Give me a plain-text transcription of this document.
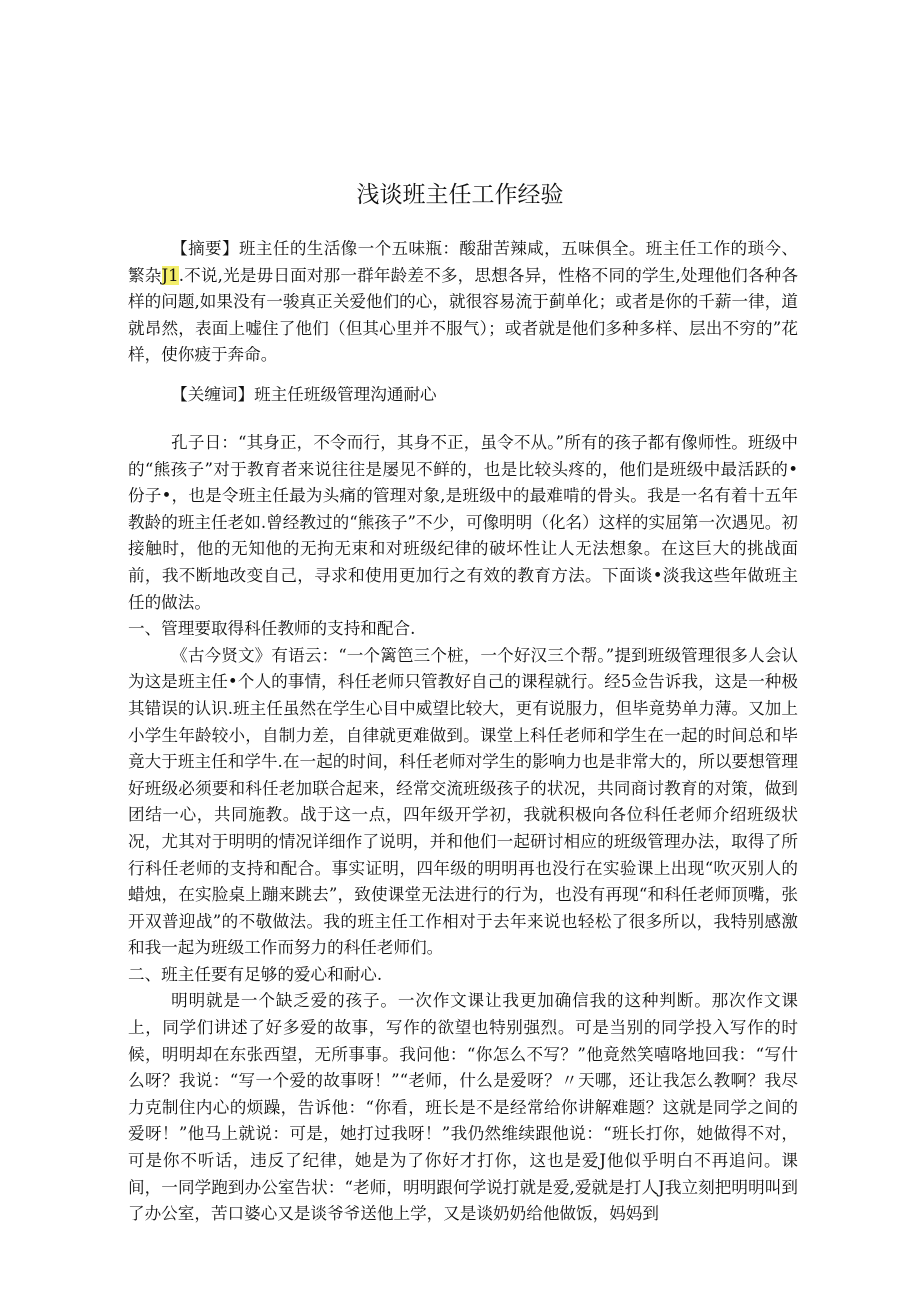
浅谈班主任工作经验

【摘要】班主任的生活像一个五味瓶：酸甜苦辣咸，五味俱全。班主任工作的琐今、繁杂J1.不说,光是毋日面对那一群年龄差不多，思想各异，性格不同的学生,处理他们各种各样的问题,如果没有一骏真正关爱他们的心，就很容易流于蓟单化；或者是你的千薪一律，道就昂然，表面上嘘住了他们（但其心里并不服气）；或者就是他们多种多样、层出不穷的”花样，使你疲于奔命。

【关缠词】班主任班级管理沟通耐心

孔子日：“其身正，不令而行，其身不正，虽令不从。”所有的孩子都有像师性。班级中的“熊孩子”对于教育者来说往往是屡见不鲜的，也是比较头疼的，他们是班级中最活跃的•份子•，也是令班主任最为头痛的管理对象,是班级中的最难啃的骨头。我是一名有着十五年教龄的班主任老如.曾经教过的“熊孩子”不少，可像明明（化名）这样的实屈第一次遇见。初接触时，他的无知他的无拘无束和对班级纪律的破坏性让人无法想象。在这巨大的挑战面前，我不断地改变自己，寻求和使用更加行之有效的教育方法。下面谈•淡我这些年做班主任的做法。

一、管理要取得科任教师的支持和配合.

《古今贤文》有语云：“一个篱笆三个桩，一个好汉三个帮。”提到班级管理很多人会认为这是班主任•个人的事情，科任老师只管教好自己的课程就行。经5佥告诉我，这是一种极其错误的认识.班主任虽然在学生心目中威望比较大，更有说服力，但毕竟势单力薄。又加上小学生年龄较小，自制力差，自律就更难做到。课堂上科任老师和学生在一起的时间总和毕竟大于班主任和学牛.在一起的时间，科任老师对学生的影响力也是非常大的，所以要想管理好班级必须要和科任老加联合起来，经常交流班级孩子的状况，共同商讨教育的对策，做到团结一心，共同施教。战于这一点，四年级开学初，我就积极向各位科任老师介绍班级状况，尤其对于明明的情况详细作了说明，并和他们一起研讨相应的班级管理办法，取得了所行科任老师的支持和配合。事实证明，四年级的明明再也没行在实验课上出现“吹灭别人的蜡烛，在实脸桌上蹦来跳去”，致使课堂无法进行的行为，也没有再现“和科任老师顶嘴，张开双普迎战”的不敬做法。我的班主任工作相对于去年来说也轻松了很多所以，我特别感激和我一起为班级工作而努力的科任老师们。

二、班主任要有足够的爱心和耐心.

明明就是一个缺乏爱的孩子。一次作文课让我更加确信我的这种判断。那次作文课上，同学们讲述了好多爱的故事，写作的欲望也特别强烈。可是当别的同学投入写作的时候，明明却在东张西望，无所事事。我问他：“你怎么不写？”他竟然笑嘻咯地回我：“写什么呀？我说：“写一个爱的故事呀！”“老师，什么是爱呀？〃天哪，还让我怎么教啊？我尽力克制住内心的烦躁，告诉他：“你看，班长是不是经常给你讲解难题？这就是同学之间的爱呀！”他马上就说：可是，她打过我呀！”我仍然维续跟他说：“班长打你，她做得不对，可是你不听话，违反了纪律，她是为了你好才打你，这也是爱J他似乎明白不再追问。课间，一同学跑到办公室告状：“老师，明明跟何学说打就是爱,爱就是打人J我立刻把明明叫到了办公室，苦口婆心又是谈爷爷送他上学，又是谈奶奶给他做饭，妈妈到
